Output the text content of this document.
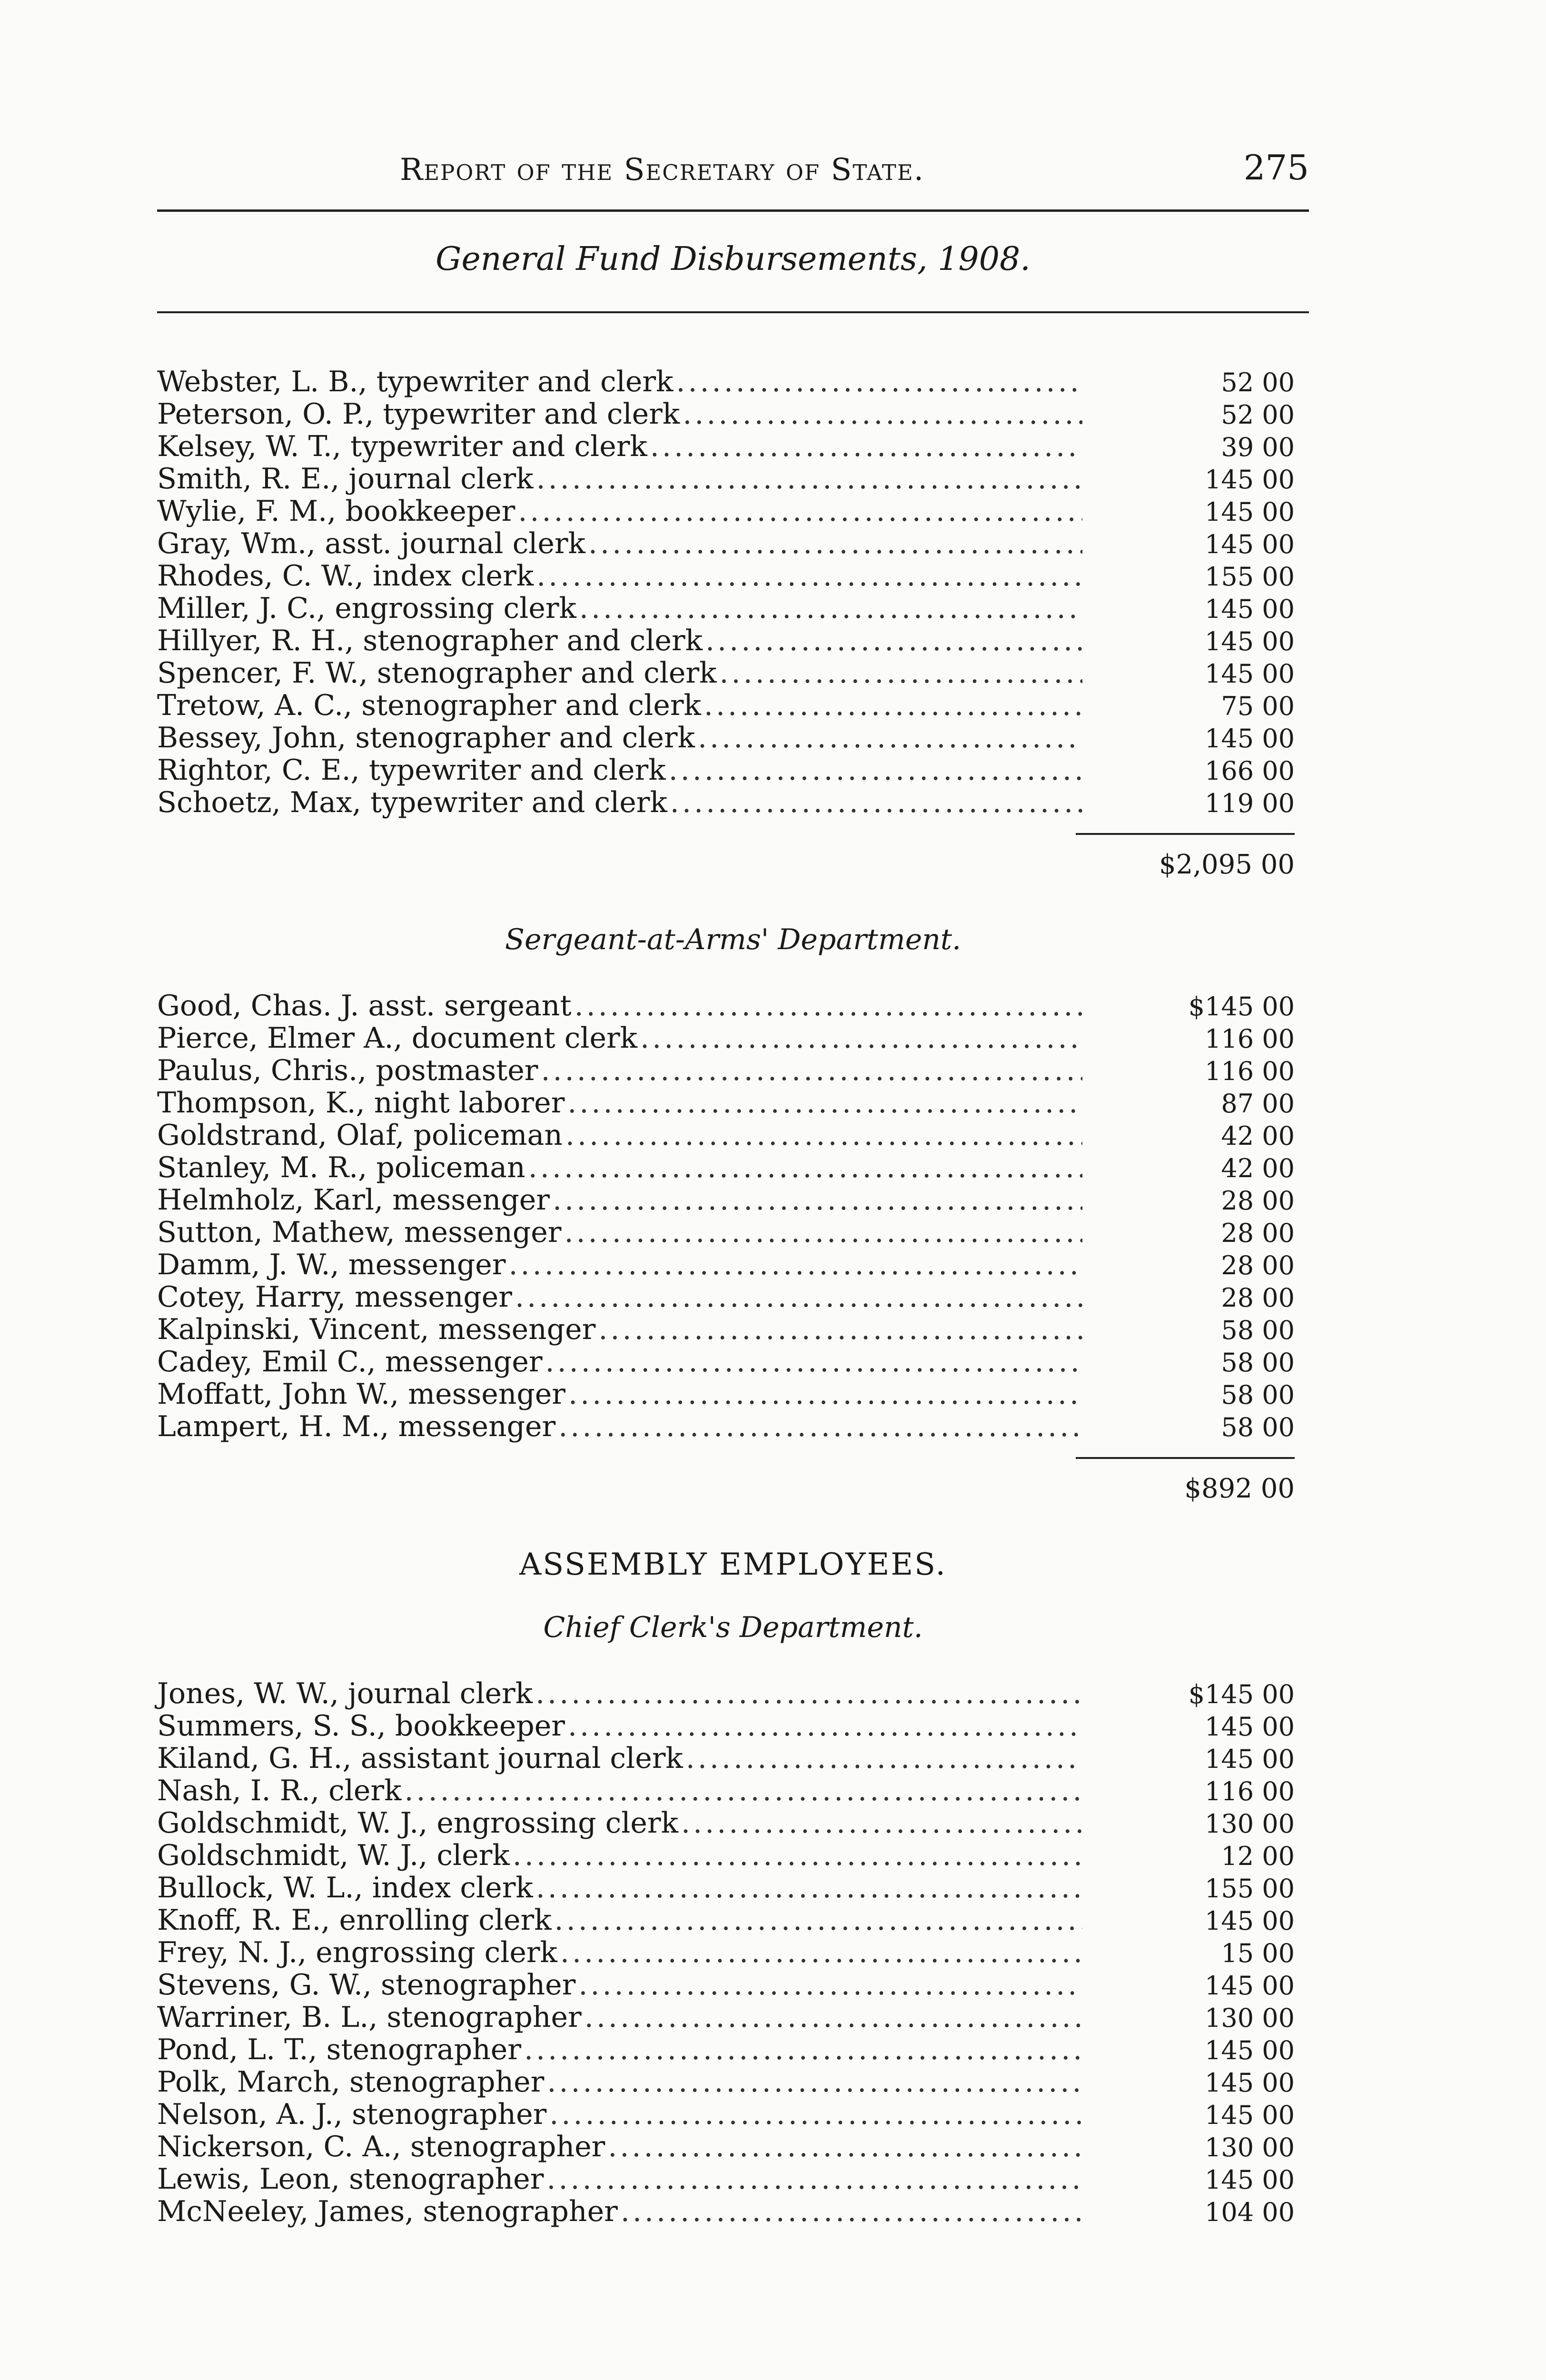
Report of the Secretary of State.	275
General Fund Disbursements, 1908.
Webster, L. B., typewriter and clerk .....	52 00
Peterson, O. P., typewriter and clerk .....	52 00
Kelsey, W. T., typewriter and clerk .....	39 00
Smith, R. E., journal clerk .....	145 00
Wylie, F. M., bookkeeper .....	145 00
Gray, Wm., asst. journal clerk .....	145 00
Rhodes, C. W., index clerk .....	155 00
Miller, J. C., engrossing clerk .....	145 00
Hillyer, R. H., stenographer and clerk .....	145 00
Spencer, F. W., stenographer and clerk .....	145 00
Tretow, A. C., stenographer and clerk .....	75 00
Bessey, John, stenographer and clerk .....	145 00
Rightor, C. E., typewriter and clerk .....	166 00
Schoetz, Max, typewriter and clerk .....	119 00
$2,095 00
Sergeant-at-Arms' Department.
Good, Chas. J. asst. sergeant .....	$145 00
Pierce, Elmer A., document clerk .....	116 00
Paulus, Chris., postmaster .....	116 00
Thompson, K., night laborer .....	87 00
Goldstrand, Olaf, policeman .....	42 00
Stanley, M. R., policeman .....	42 00
Helmholz, Karl, messenger .....	28 00
Sutton, Mathew, messenger .....	28 00
Damm, J. W., messenger .....	28 00
Cotey, Harry, messenger .....	28 00
Kalpinski, Vincent, messenger .....	58 00
Cadey, Emil C., messenger .....	58 00
Moffatt, John W., messenger .....	58 00
Lampert, H. M., messenger .....	58 00
$892 00
ASSEMBLY EMPLOYEES.
Chief Clerk's Department.
Jones, W. W., journal clerk .....	$145 00
Summers, S. S., bookkeeper .....	145 00
Kiland, G. H., assistant journal clerk .....	145 00
Nash, I. R., clerk .....	116 00
Goldschmidt, W. J., engrossing clerk .....	130 00
Goldschmidt, W. J., clerk .....	12 00
Bullock, W. L., index clerk .....	155 00
Knoff, R. E., enrolling clerk .....	145 00
Frey, N. J., engrossing clerk .....	15 00
Stevens, G. W., stenographer .....	145 00
Warriner, B. L., stenographer .....	130 00
Pond, L. T., stenographer .....	145 00
Polk, March, stenographer .....	145 00
Nelson, A. J., stenographer .....	145 00
Nickerson, C. A., stenographer .....	130 00
Lewis, Leon, stenographer .....	145 00
McNeeley, James, stenographer .....	104 00
